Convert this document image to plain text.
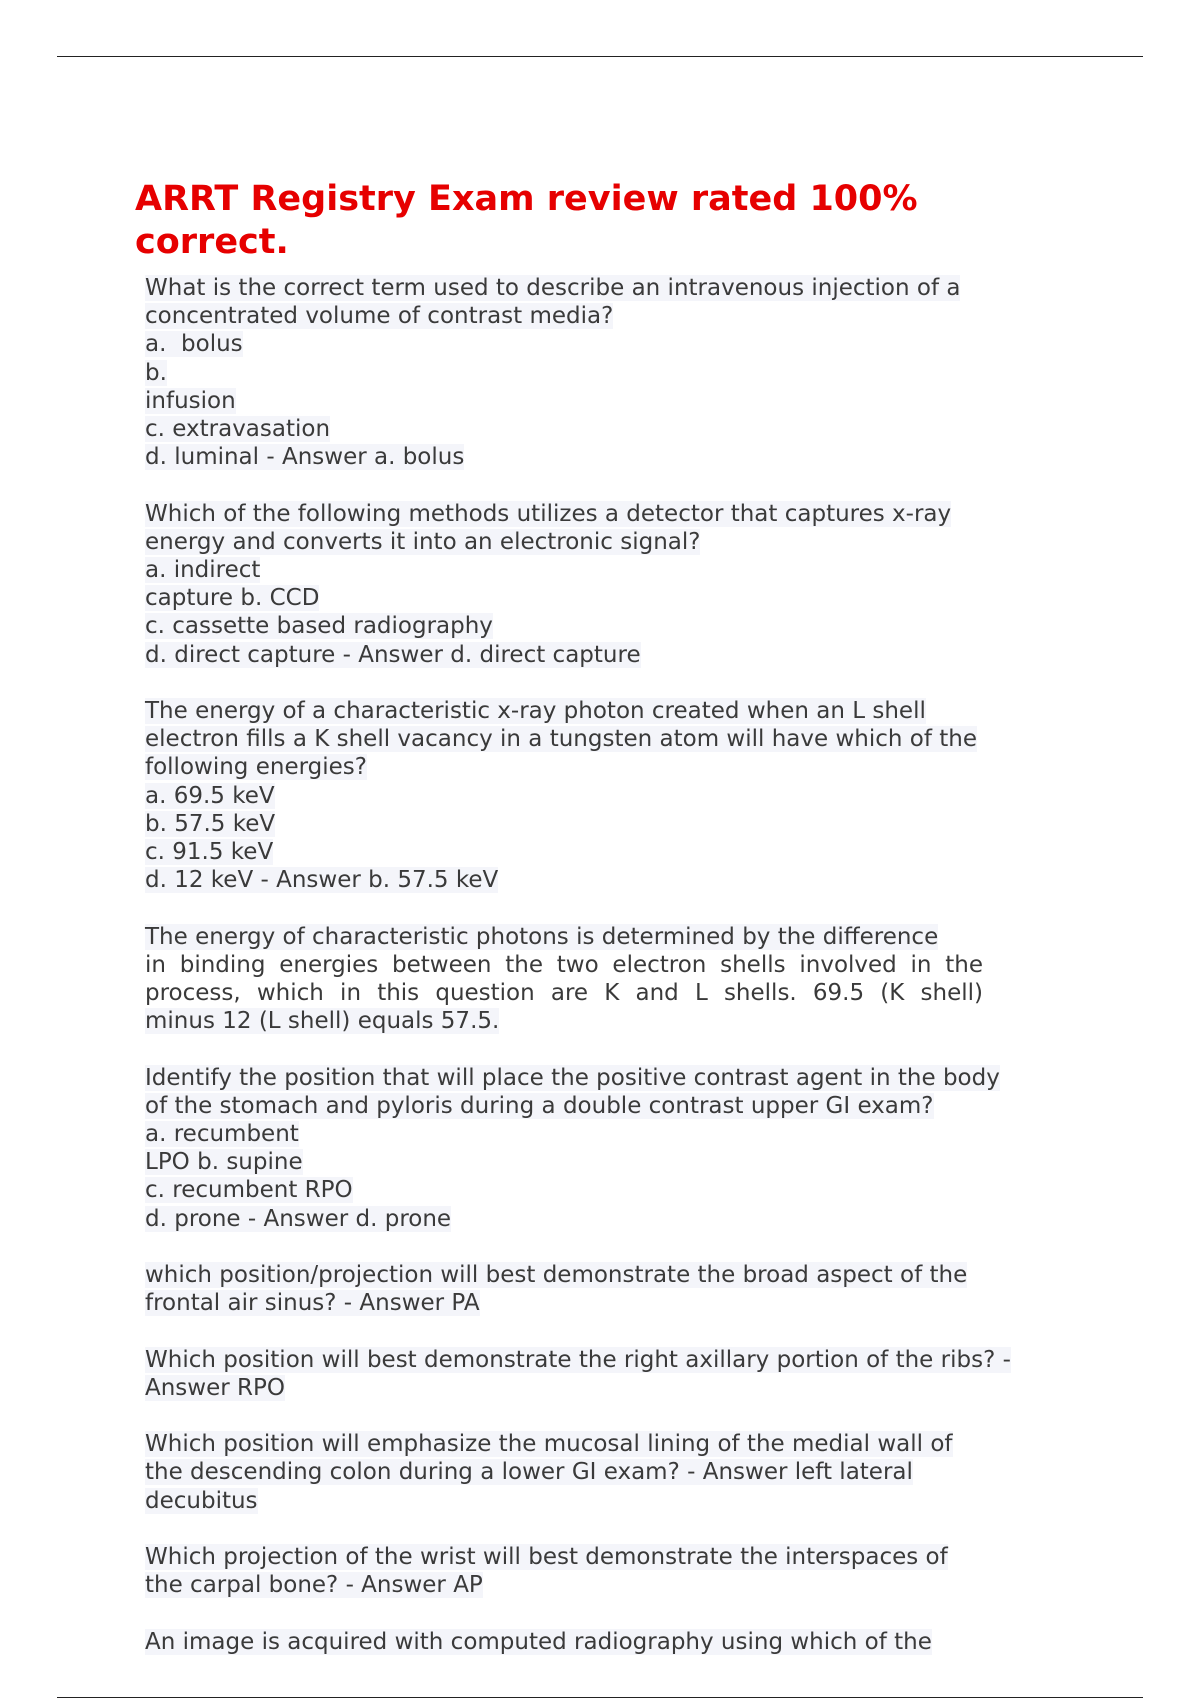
ARRT Registry Exam review rated 100% correct.
What is the correct term used to describe an intravenous injection of a
concentrated volume of contrast media?
a.  bolus
b.
infusion
c. extravasation
d. luminal - Answer a. bolus
Which of the following methods utilizes a detector that captures x-ray
energy and converts it into an electronic signal?
a. indirect
capture b. CCD
c. cassette based radiography
d. direct capture - Answer d. direct capture
The energy of a characteristic x-ray photon created when an L shell
electron fills a K shell vacancy in a tungsten atom will have which of the
following energies?
a. 69.5 keV
b. 57.5 keV
c. 91.5 keV
d. 12 keV - Answer b. 57.5 keV
The energy of characteristic photons is determined by the difference
in binding energies between the two electron shells involved in the
process, which in this question are K and L shells. 69.5 (K shell)
minus 12 (L shell) equals 57.5.
Identify the position that will place the positive contrast agent in the body
of the stomach and pyloris during a double contrast upper GI exam?
a. recumbent
LPO b. supine
c. recumbent RPO
d. prone - Answer d. prone
which position/projection will best demonstrate the broad aspect of the
frontal air sinus? - Answer PA
Which position will best demonstrate the right axillary portion of the ribs? -
Answer RPO
Which position will emphasize the mucosal lining of the medial wall of
the descending colon during a lower GI exam? - Answer left lateral
decubitus
Which projection of the wrist will best demonstrate the interspaces of
the carpal bone? - Answer AP
An image is acquired with computed radiography using which of the
